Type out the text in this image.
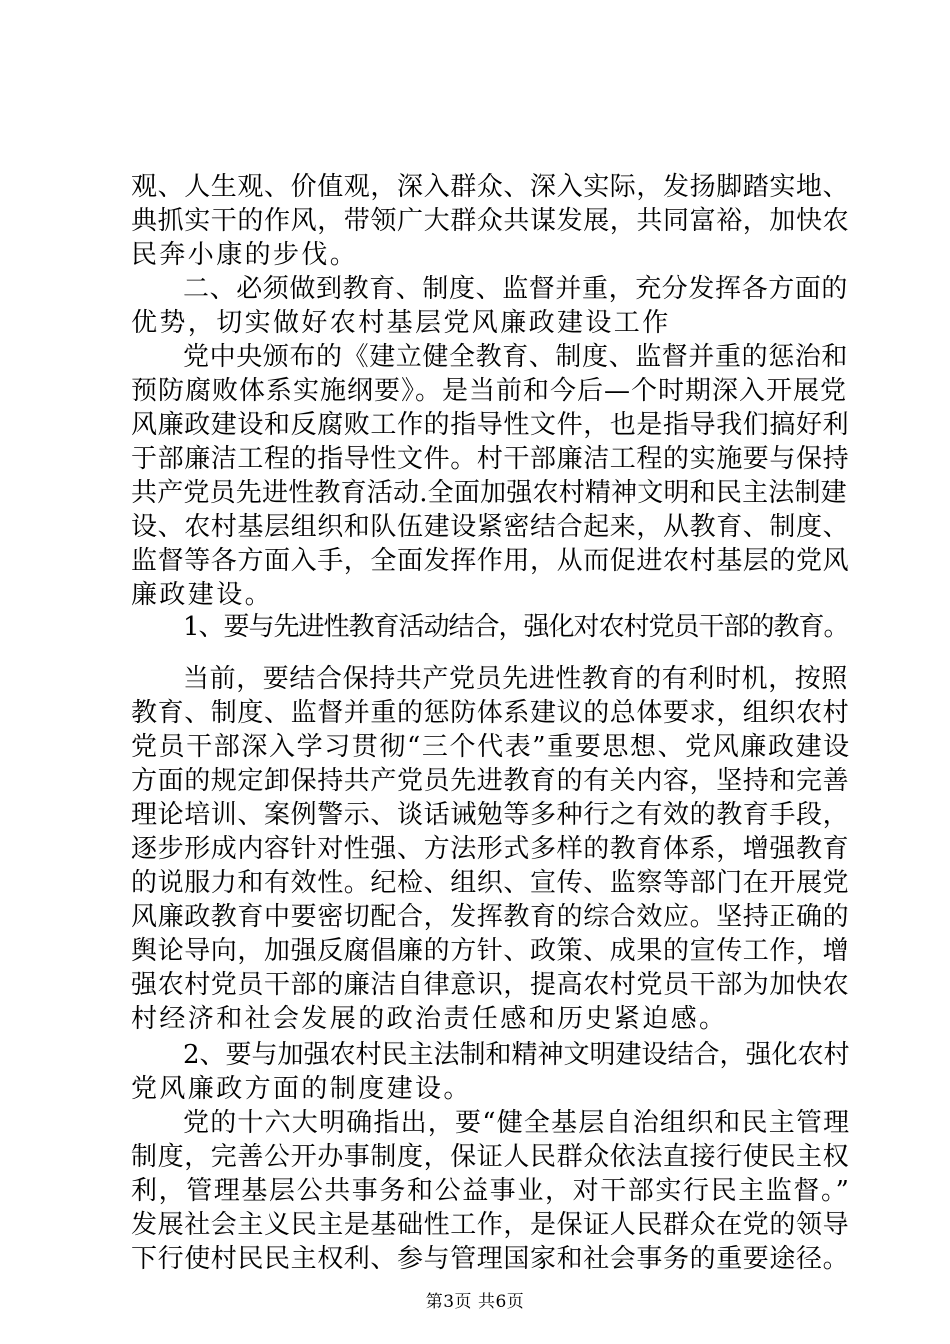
观、人生观、价值观，深入群众、深入实际，发扬脚踏实地、
典抓实干的作风，带领广大群众共谋发展，共同富裕，加快农
民奔小康的步伐。
二、必须做到教育、制度、监督并重，充分发挥各方面的
优势，切实做好农村基层党风廉政建设工作
党中央颁布的《建立健全教育、制度、监督并重的惩治和
预防腐败体系实施纲要》。是当前和今后—个时期深入开展党
风廉政建设和反腐败工作的指导性文件，也是指导我们搞好利
于部廉洁工程的指导性文件。村干部廉洁工程的实施要与保持
共产党员先进性教育活动.全面加强农村精神文明和民主法制建
设、农村基层组织和队伍建设紧密结合起来，从教育、制度、
监督等各方面入手，全面发挥作用，从而促进农村基层的党风
廉政建设。
1、要与先进性教育活动结合，强化对农村党员干部的教育。
当前，要结合保持共产党员先进性教育的有利时机，按照
教育、制度、监督并重的惩防体系建议的总体要求，组织农村
党员干部深入学习贯彻“三个代表”重要思想、党风廉政建设
方面的规定卸保持共产党员先进教育的有关内容，坚持和完善
理论培训、案例警示、谈话诫勉等多种行之有效的教育手段，
逐步形成内容针对性强、方法形式多样的教育体系，增强教育
的说服力和有效性。纪检、组织、宣传、监察等部门在开展党
风廉政教育中要密切配合，发挥教育的综合效应。坚持正确的
舆论导向，加强反腐倡廉的方针、政策、成果的宣传工作，增
强农村党员干部的廉洁自律意识，提高农村党员干部为加快农
村经济和社会发展的政治责任感和历史紧迫感。
2、要与加强农村民主法制和精神文明建设结合，强化农村
党风廉政方面的制度建设。
党的十六大明确指出，要“健全基层自治组织和民主管理
制度，完善公开办事制度，保证人民群众依法直接行使民主权
利，管理基层公共事务和公益事业，对干部实行民主监督。”
发展社会主义民主是基础性工作，是保证人民群众在党的领导
下行使村民民主权利、参与管理国家和社会事务的重要途径。
第3页 共6页
